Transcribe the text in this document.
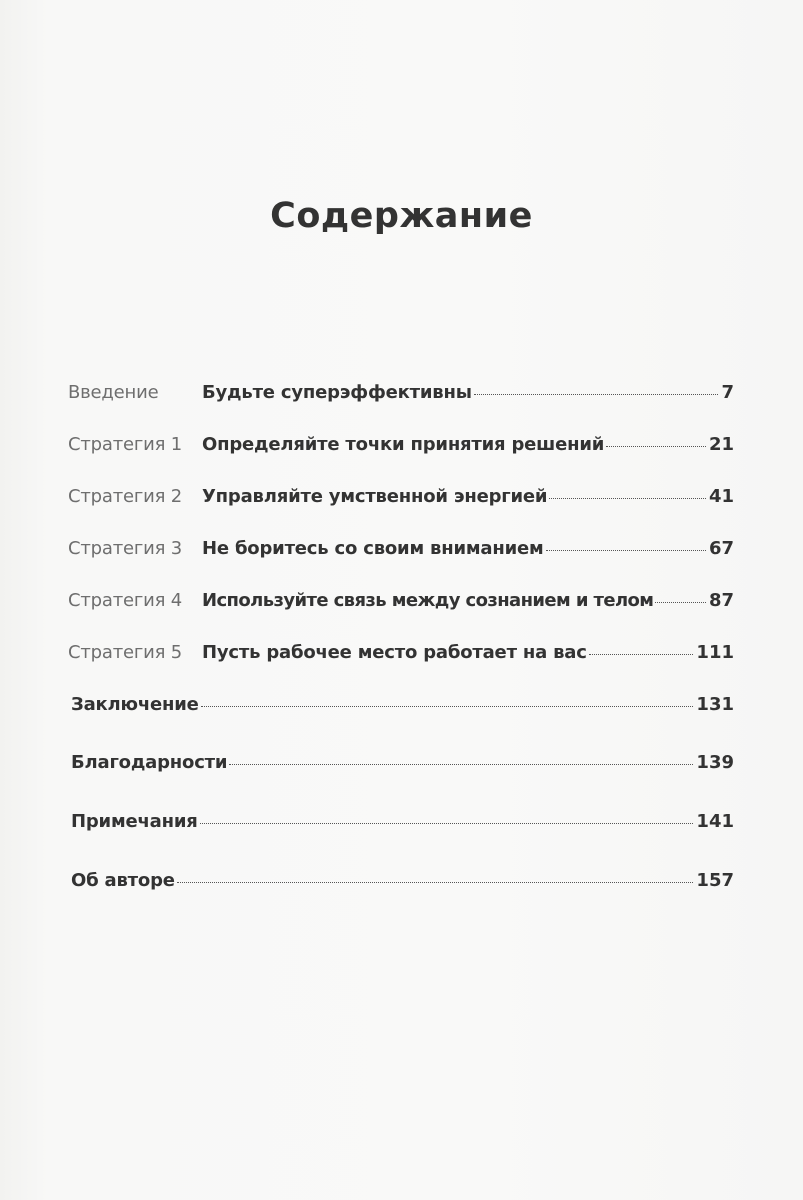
Содержание
Введение	Будьте суперэффективны	7
Стратегия 1	Определяйте точки принятия решений	21
Стратегия 2	Управляйте умственной энергией	41
Стратегия 3	Не боритесь со своим вниманием	67
Стратегия 4	Используйте связь между сознанием и телом	87
Стратегия 5	Пусть рабочее место работает на вас	111
Заключение	131
Благодарности	139
Примечания	141
Об авторе	157
